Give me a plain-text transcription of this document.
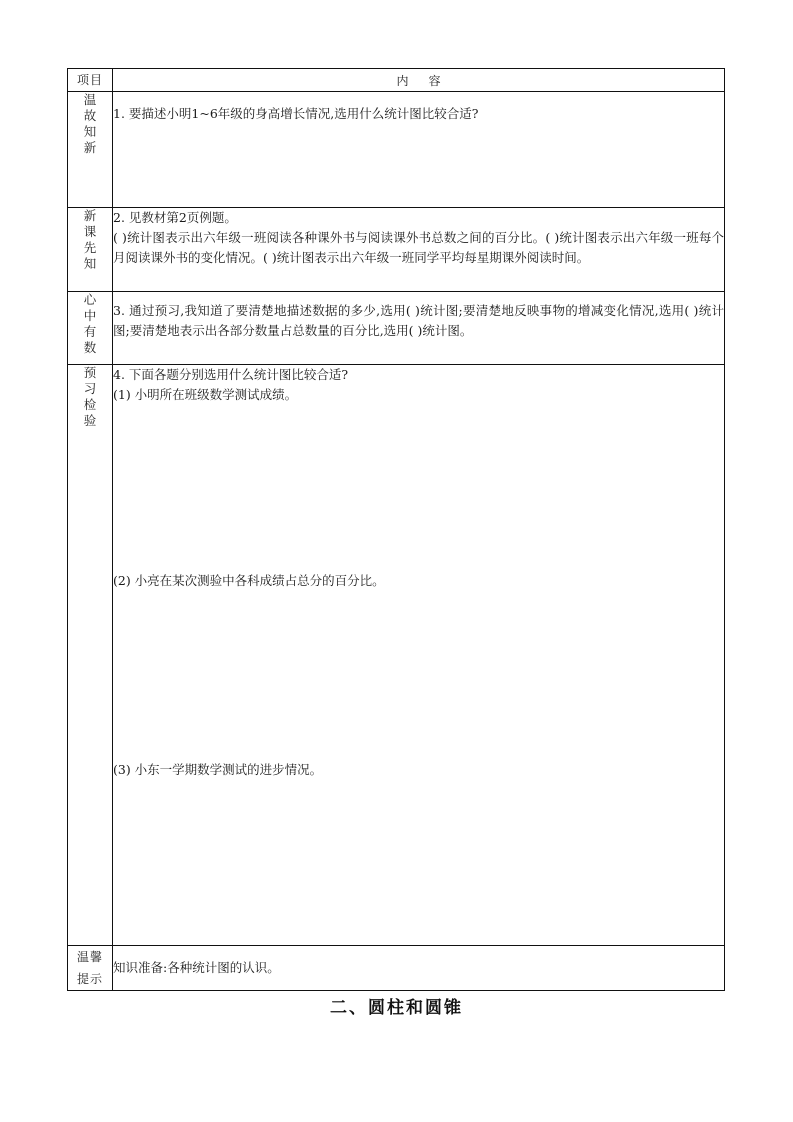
项目	内容
温故知新	1. 要描述小明1~6年级的身高增长情况,选用什么统计图比较合适?

新课先知	2. 见教材第2页例题。
( )统计图表示出六年级一班阅读各种课外书与阅读课外书总数之间的百分比。( )统计图表示出六年级一班每个月阅读课外书的变化情况。( )统计图表示出六年级一班同学平均每星期课外阅读时间。

心中有数	3. 通过预习,我知道了要清楚地描述数据的多少,选用( )统计图;要清楚地反映事物的增减变化情况,选用( )统计图;要清楚地表示出各部分数量占总数量的百分比,选用( )统计图。

预习检验	4. 下面各题分别选用什么统计图比较合适?
(1) 小明所在班级数学测试成绩。
(2) 小亮在某次测验中各科成绩占总分的百分比。
(3) 小东一学期数学测试的进步情况。

温馨
提示	知识准备:各种统计图的认识。
二、圆柱和圆锥
